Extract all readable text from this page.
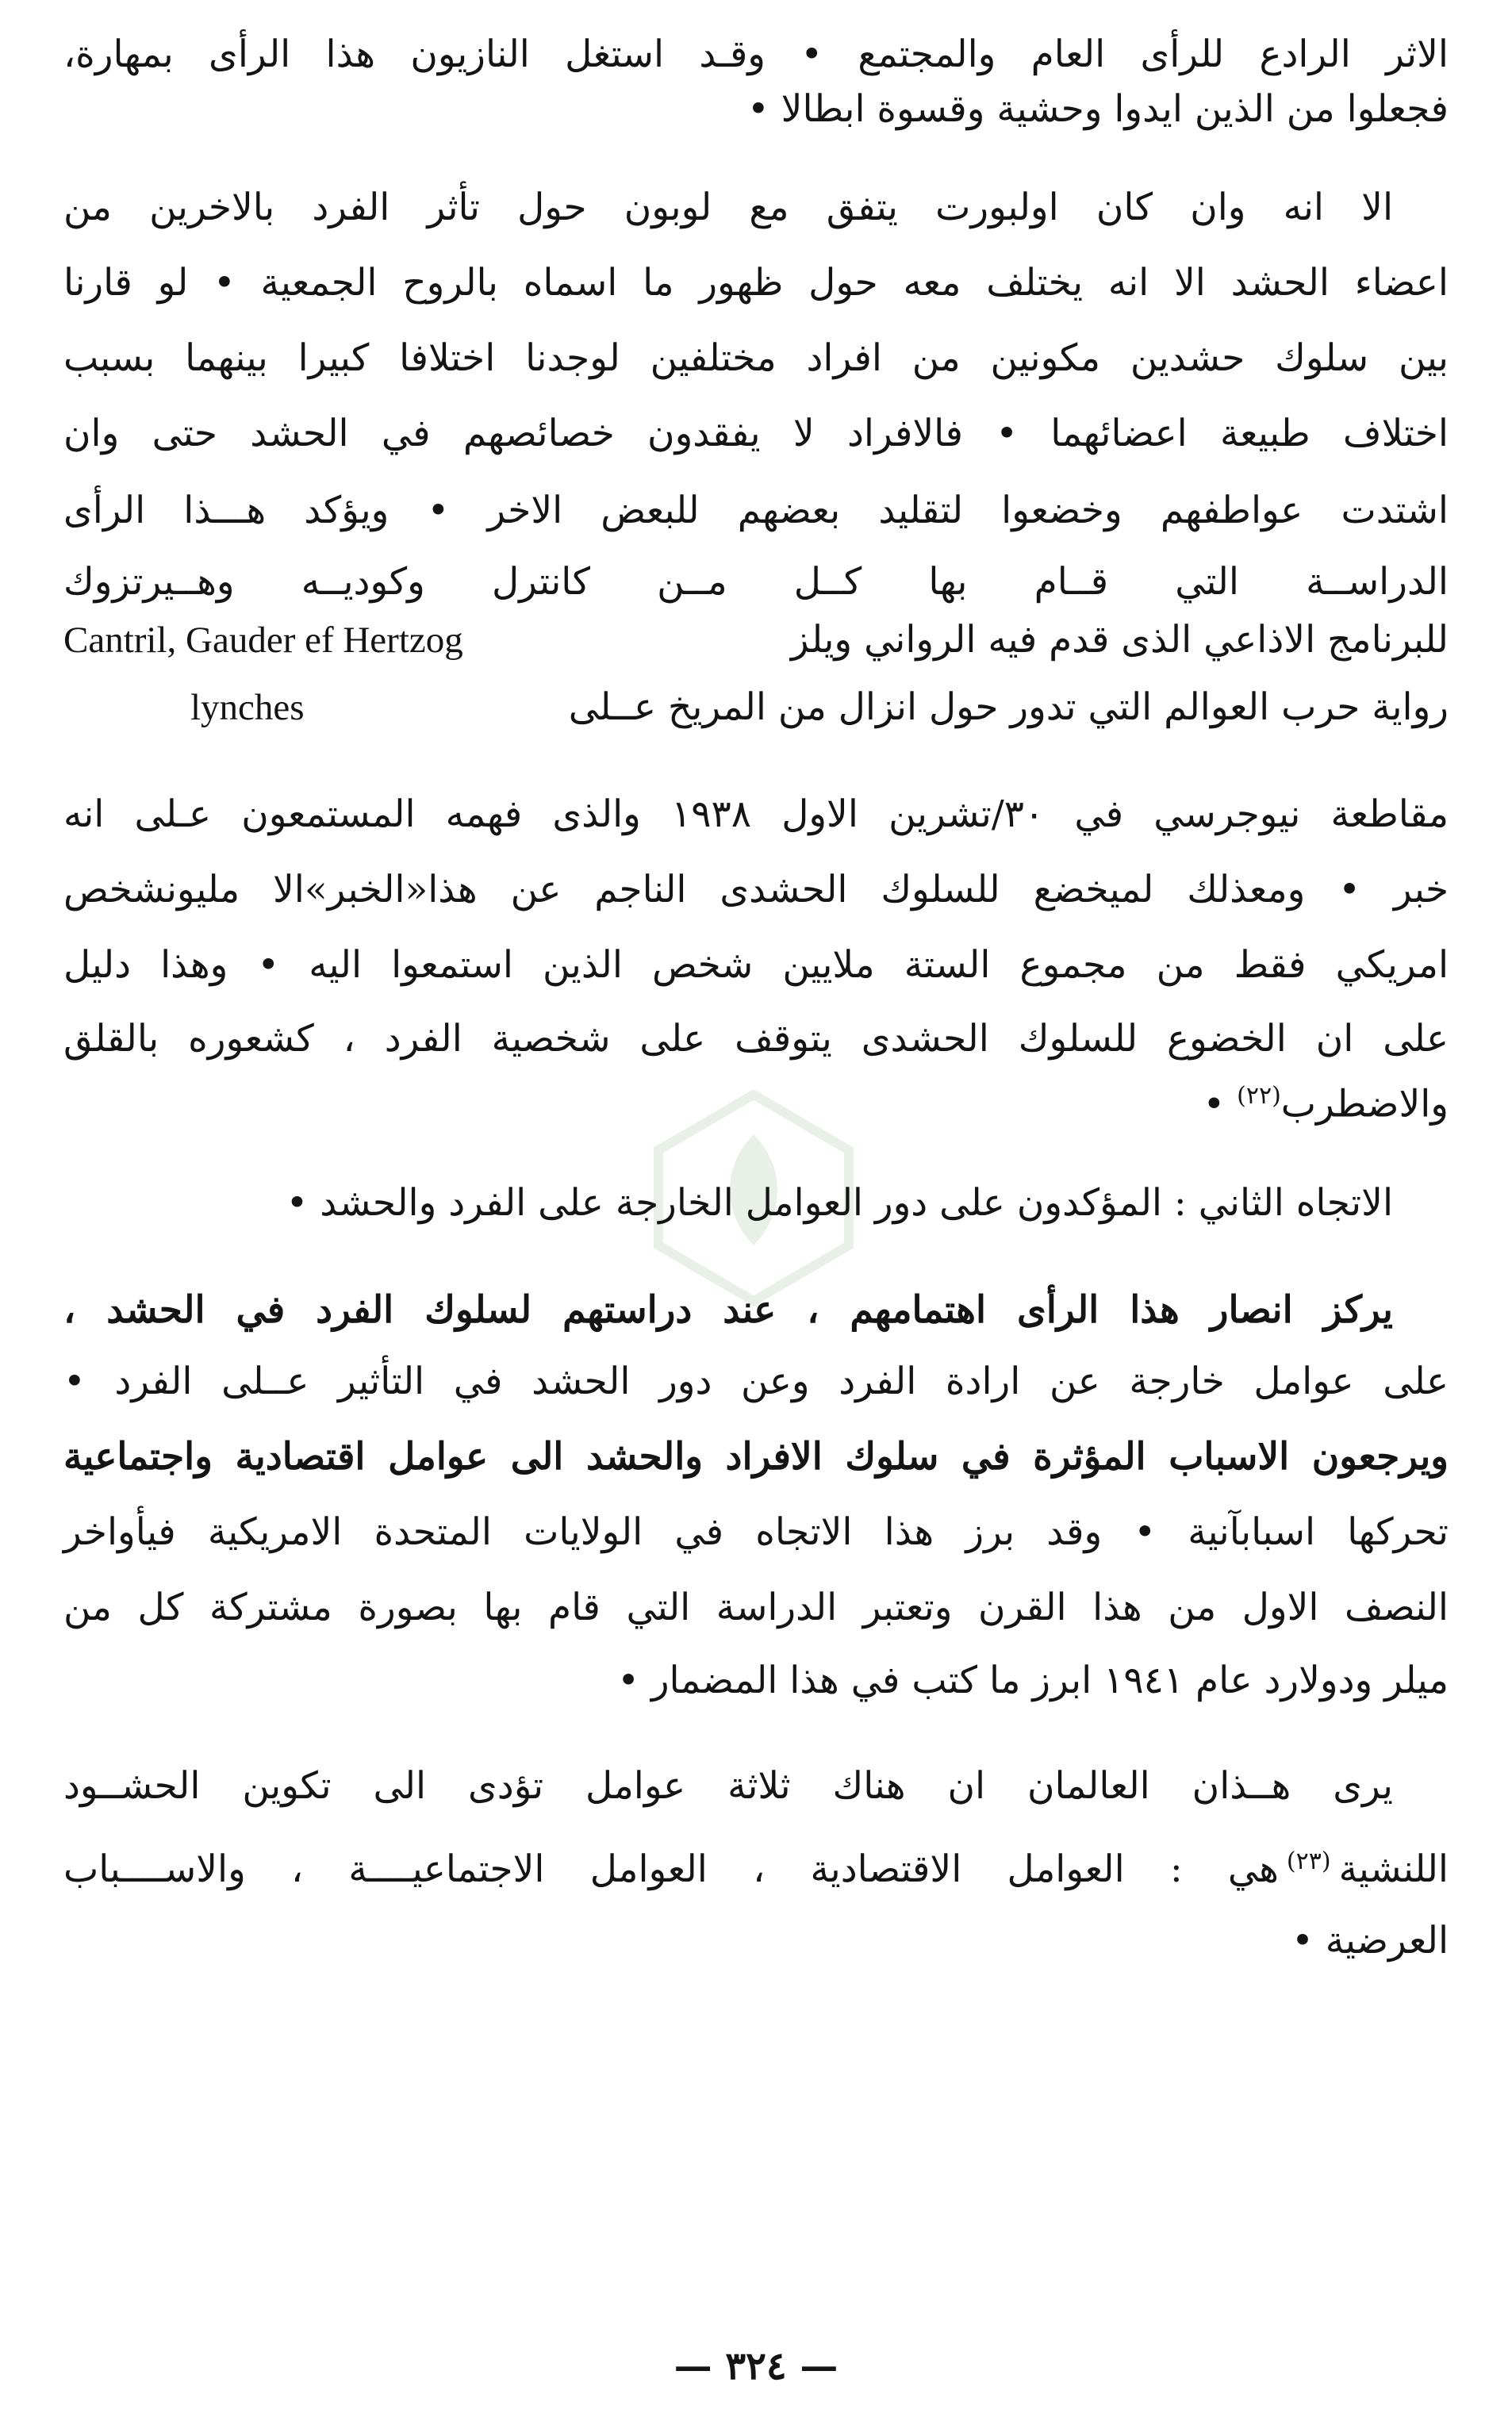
الاثر الرادع للرأى العام والمجتمع • وقـد استغل النازيون هذا الرأى بمهارة،
فجعلوا من الذين ايدوا وحشية وقسوة ابطالا •
الا انه وان كان اولبورت يتفق مع لوبون حول تأثر الفرد بالاخرين من
اعضاء الحشد الا انه يختلف معه حول ظهور ما اسماه بالروح الجمعية • لو قارنا
بين سلوك حشدين مكونين من افراد مختلفين لوجدنا اختلافا كبيرا بينهما بسبب
اختلاف طبيعة اعضائهما • فالافراد لا يفقدون خصائصهم في الحشد حتى وان
اشتدت عواطفهم وخضعوا لتقليد بعضهم للبعض الاخر • ويؤكد هـــذا الرأى
الدراســة التي قــام بها كــل مــن كانترل وكوديــه وهــيرتزوك
للبرنامج الاذاعي الذى قدم فيه الرواني ويلز
Cantril, Gauder ef Hertzog
رواية حرب العوالم التي تدور حول انزال من المريخ عــلى
lynches
مقاطعة نيوجرسي في ٣٠/تشرين الاول ١٩٣٨ والذى فهمه المستمعون عـلى انه
خبر • ومعذلك لميخضع للسلوك الحشدى الناجم عن هذا«الخبر»الا مليونشخص
امريكي فقط من مجموع الستة ملايين شخص الذين استمعوا اليه • وهذا دليل
على ان الخضوع للسلوك الحشدى يتوقف على شخصية الفرد ، كشعوره بالقلق
والاضطرب$^{(٢٢)}$ •
الاتجاه الثاني : المؤكدون على دور العوامل الخارجة على الفرد والحشد •
يركز انصار هذا الرأى اهتمامهم ، عند دراستهم لسلوك الفرد في الحشد ،
على عوامل خارجة عن ارادة الفرد وعن دور الحشد في التأثير عــلى الفرد •
ويرجعون الاسباب المؤثرة في سلوك الافراد والحشد الى عوامل اقتصادية واجتماعية
تحركها اسبابآنية • وقد برز هذا الاتجاه في الولايات المتحدة الامريكية فيأواخر
النصف الاول من هذا القرن وتعتبر الدراسة التي قام بها بصورة مشتركة كل من
ميلر ودولارد عام ١٩٤١ ابرز ما كتب في هذا المضمار •
يرى هــذان العالمان ان هناك ثلاثة عوامل تؤدى الى تكوين الحشــود
اللنشية
(٢٣)
هي : العوامل الاقتصادية ، العوامل الاجتماعيــــة ، والاســــباب
العرضية •
— ٣٢٤ —
